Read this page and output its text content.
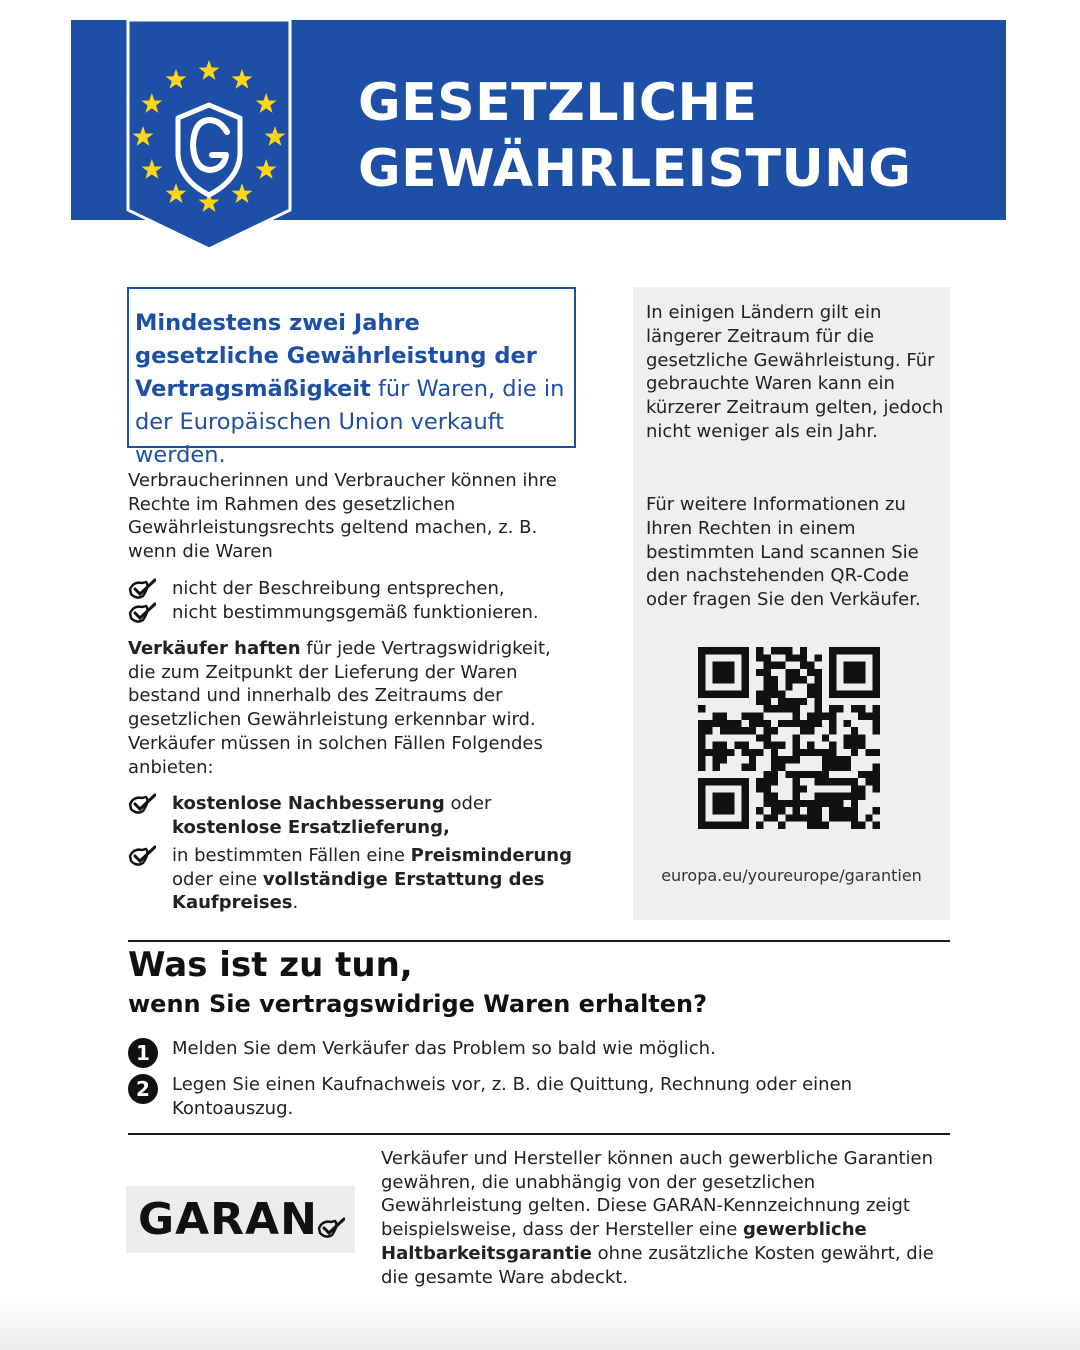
GESETZLICHE
GEWÄHRLEISTUNG
Mindestens zwei Jahre gesetzliche Gewährleistung der Vertragsmäßigkeit für Waren, die in der Europäischen Union verkauft werden.
Verbraucherinnen und Verbraucher können ihre Rechte im Rahmen des gesetzlichen Gewährleistungsrechts geltend machen, z. B. wenn die Waren
nicht der Beschreibung entsprechen,
nicht bestimmungsgemäß funktionieren.
Verkäufer haften für jede Vertragswidrigkeit, die zum Zeitpunkt der Lieferung der Waren bestand und innerhalb des Zeitraums der gesetzlichen Gewährleistung erkennbar wird. Verkäufer müssen in solchen Fällen Folgendes anbieten:
kostenlose Nachbesserung oder kostenlose Ersatzlieferung,
in bestimmten Fällen eine Preisminderung oder eine vollständige Erstattung des Kaufpreises.
In einigen Ländern gilt ein längerer Zeitraum für die gesetzliche Gewährleistung. Für gebrauchte Waren kann ein kürzerer Zeitraum gelten, jedoch nicht weniger als ein Jahr.
Für weitere Informationen zu Ihren Rechten in einem bestimmten Land scannen Sie den nachstehenden QR-Code oder fragen Sie den Verkäufer.
europa.eu/youreurope/garantien
Was ist zu tun,
wenn Sie vertragswidrige Waren erhalten?
1	Melden Sie dem Verkäufer das Problem so bald wie möglich.
2	Legen Sie einen Kaufnachweis vor, z. B. die Quittung, Rechnung oder einen Kontoauszug.
GARAN
Verkäufer und Hersteller können auch gewerbliche Garantien gewähren, die unabhängig von der gesetzlichen Gewährleistung gelten. Diese GARAN-Kennzeichnung zeigt beispielsweise, dass der Hersteller eine gewerbliche Haltbarkeitsgarantie ohne zusätzliche Kosten gewährt, die die gesamte Ware abdeckt.
